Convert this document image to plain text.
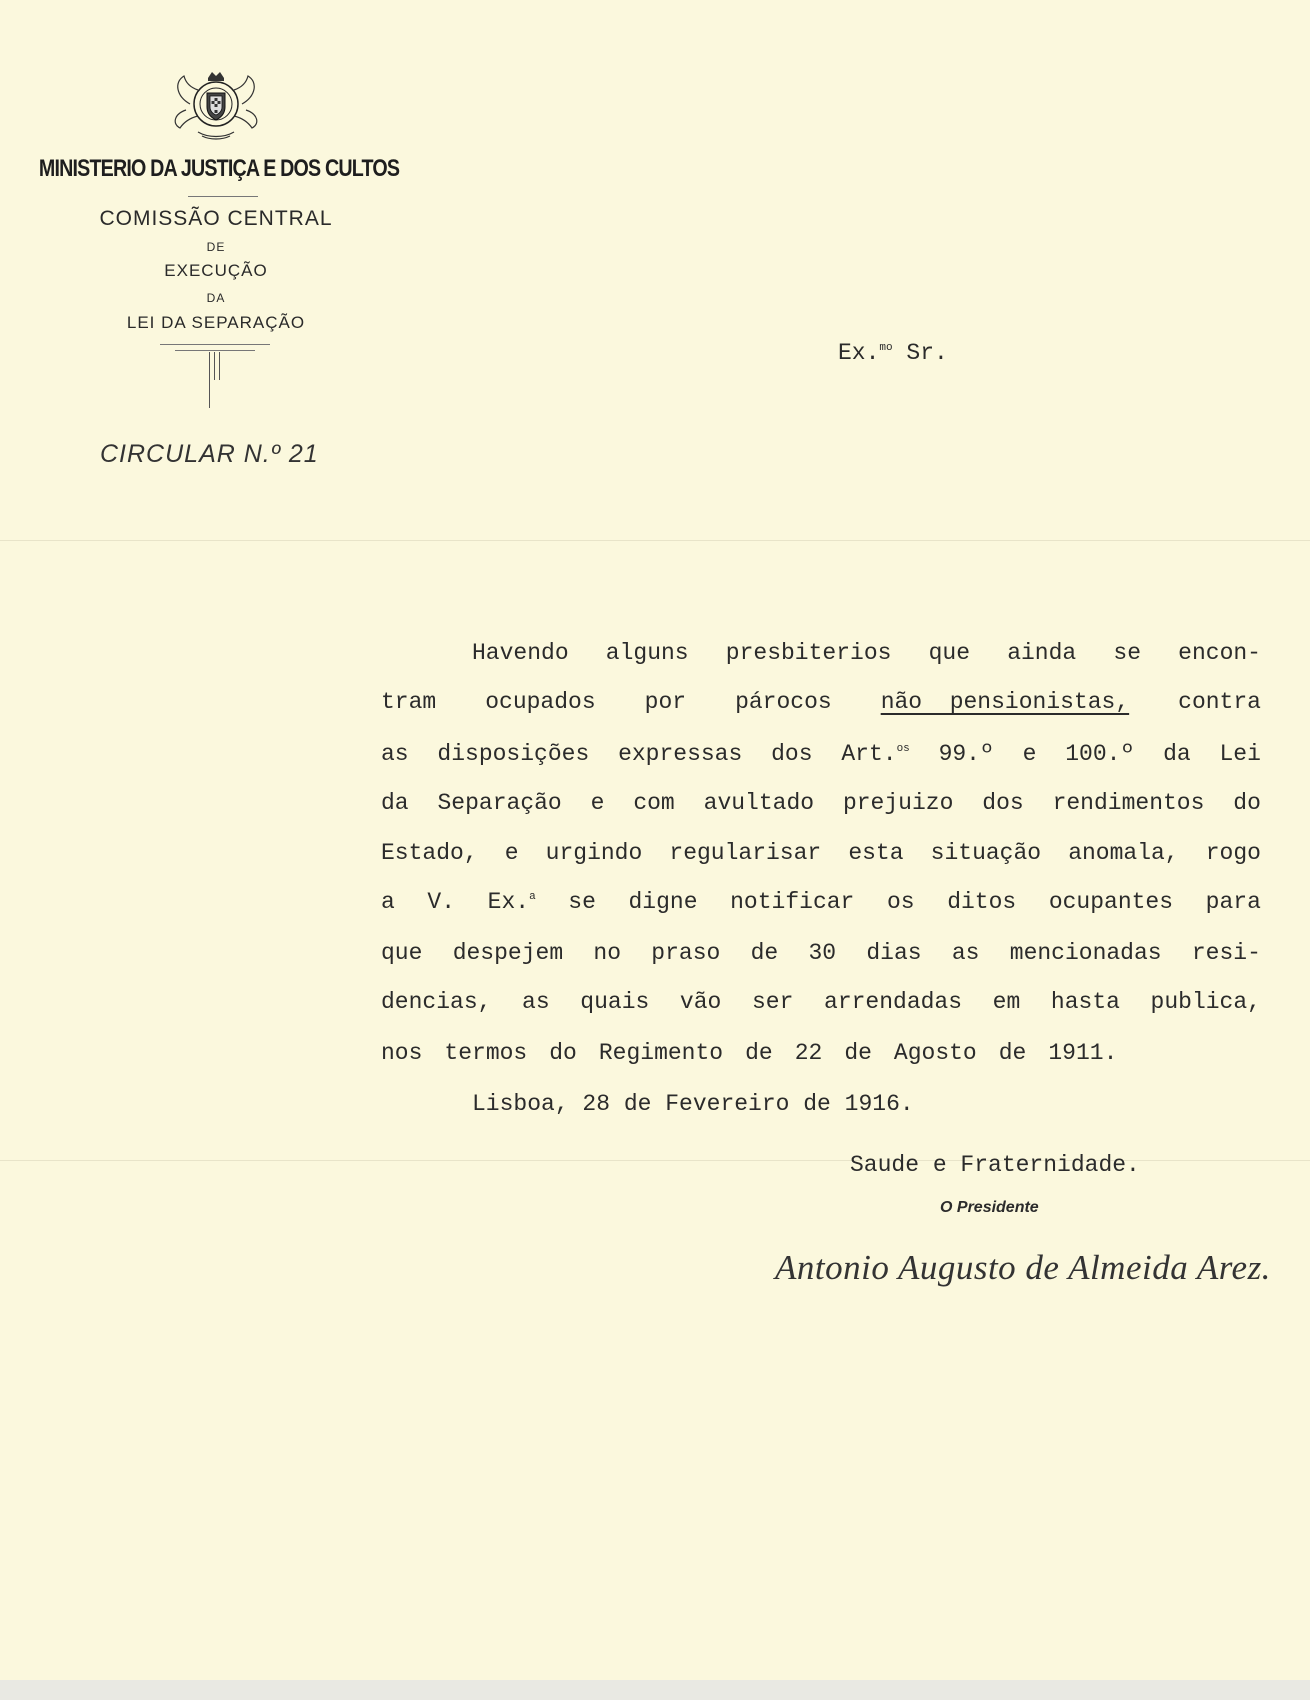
MINISTERIO DA JUSTIÇA E DOS CULTOS
COMISSÃO CENTRAL
DE
EXECUÇÃO
DA
LEI DA SEPARAÇÃO
CIRCULAR N.º 21
Ex.$^{mo}$ Sr.
Havendo alguns presbiterios que ainda se encon-
tram ocupados por párocos não  pensionistas, contra
as disposições expressas dos Art.$^{os}$ 99.º e 100.º da Lei
da Separação e com avultado prejuizo dos rendimentos do
Estado, e urgindo regularisar esta situação anomala, rogo
a V. Ex.$^a$ se digne notificar os ditos ocupantes para
que despejem no praso de 30 dias as mencionadas resi-
dencias, as quais vão ser arrendadas em hasta publica,
nos termos do Regimento de 22 de Agosto de 1911.
Lisboa, 28 de Fevereiro de 1916.
Saude e Fraternidade.
O Presidente
Antonio Augusto de Almeida Arez.
